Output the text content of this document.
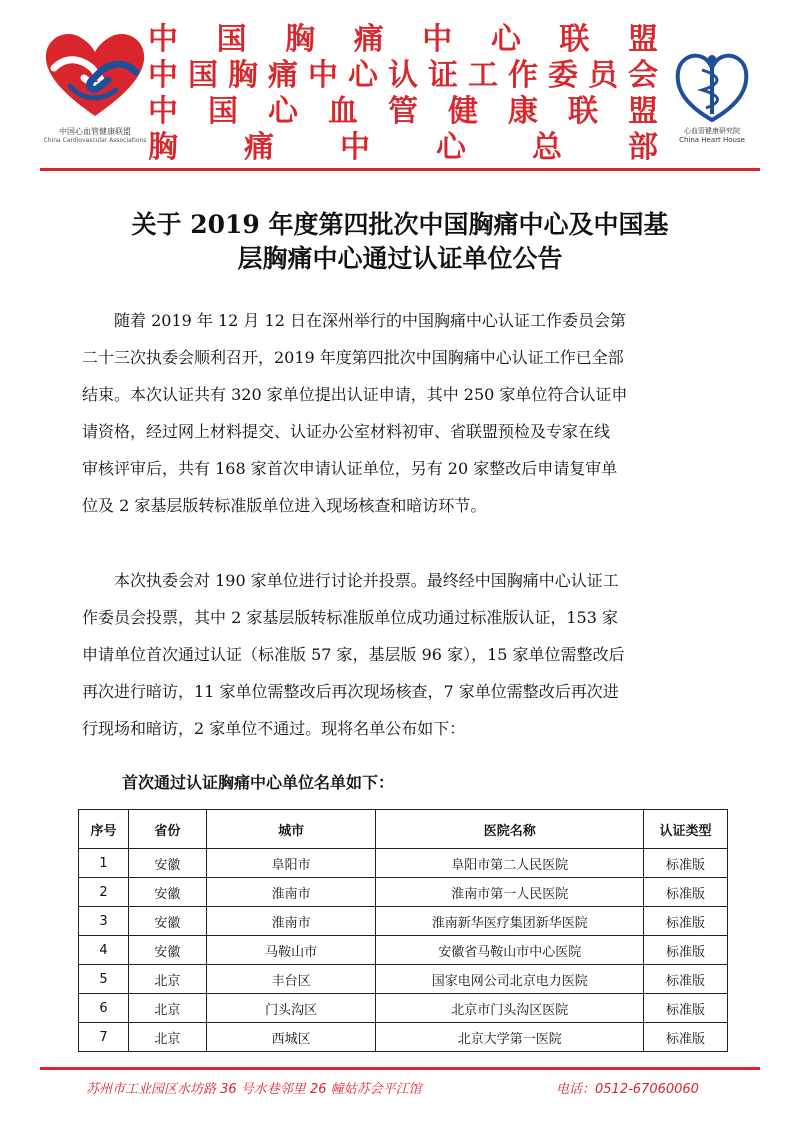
中国心血管健康联盟
China Cardiovascular Associations
中 国 胸 痛 中 心 联 盟
中 国 胸 痛 中 心 认 证 工 作 委 员 会
中 国 心 血 管 健 康 联 盟
胸 痛 中 心 总 部	心血管健康研究院
China Heart House
关于 2019 年度第四批次中国胸痛中心及中国基
层胸痛中心通过认证单位公告
随着 2019 年 12 月 12 日在深州举行的中国胸痛中心认证工作委员会第
二十三次执委会顺利召开，2019 年度第四批次中国胸痛中心认证工作已全部
结束。本次认证共有 320 家单位提出认证申请，其中 250 家单位符合认证申
请资格，经过网上材料提交、认证办公室材料初审、省联盟预检及专家在线
审核评审后，共有 168 家首次申请认证单位，另有 20 家整改后申请复审单
位及 2 家基层版转标准版单位进入现场核查和暗访环节。
本次执委会对 190 家单位进行讨论并投票。最终经中国胸痛中心认证工
作委员会投票，其中 2 家基层版转标准版单位成功通过标准版认证，153 家
申请单位首次通过认证（标准版 57 家，基层版 96 家），15 家单位需整改后
再次进行暗访，11 家单位需整改后再次现场核查，7 家单位需整改后再次进
行现场和暗访，2 家单位不通过。现将名单公布如下：
首次通过认证胸痛中心单位名单如下：
序号	省份	城市	医院名称	认证类型
1	安徽	阜阳市	阜阳市第二人民医院	标准版
2	安徽	淮南市	淮南市第一人民医院	标准版
3	安徽	淮南市	淮南新华医疗集团新华医院	标准版
4	安徽	马鞍山市	安徽省马鞍山市中心医院	标准版
5	北京	丰台区	国家电网公司北京电力医院	标准版
6	北京	门头沟区	北京市门头沟区医院	标准版
7	北京	西城区	北京大学第一医院	标准版
苏州市工业园区水坊路 36 号水巷邻里 26 幢姑苏会平江馆	电话：0512-67060060
